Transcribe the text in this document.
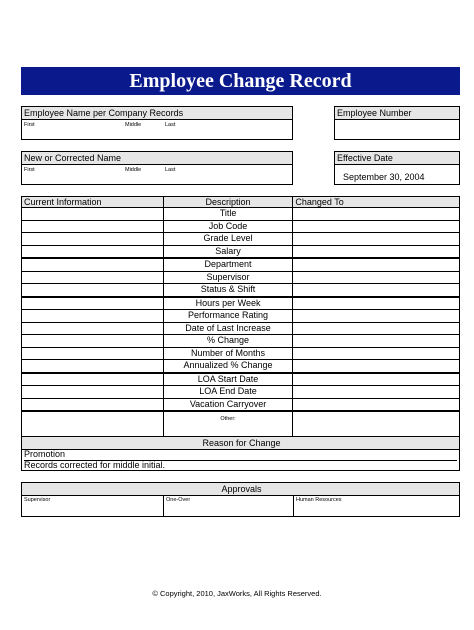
Employee Change Record
Employee Name per Company Records
First	Middle	Last
Employee Number
New or Corrected Name
First	Middle	Last
Effective Date
September 30, 2004
Current Information	Description	Changed To
	Title	
	Job Code	
	Grade Level	
	Salary	
	Department	
	Supervisor	
	Status & Shift	
	Hours per Week	
	Performance Rating	
	Date of Last Increase	
	% Change	
	Number of Months	
	Annualized % Change	
	LOA Start Date	
	LOA End Date	
	Vacation Carryover	
	Other:	

Reason for Change
Promotion
Records corrected for middle initial.
Approvals
Supervisor	One-Over	Human Resources
© Copyright, 2010, JaxWorks, All Rights Reserved.
